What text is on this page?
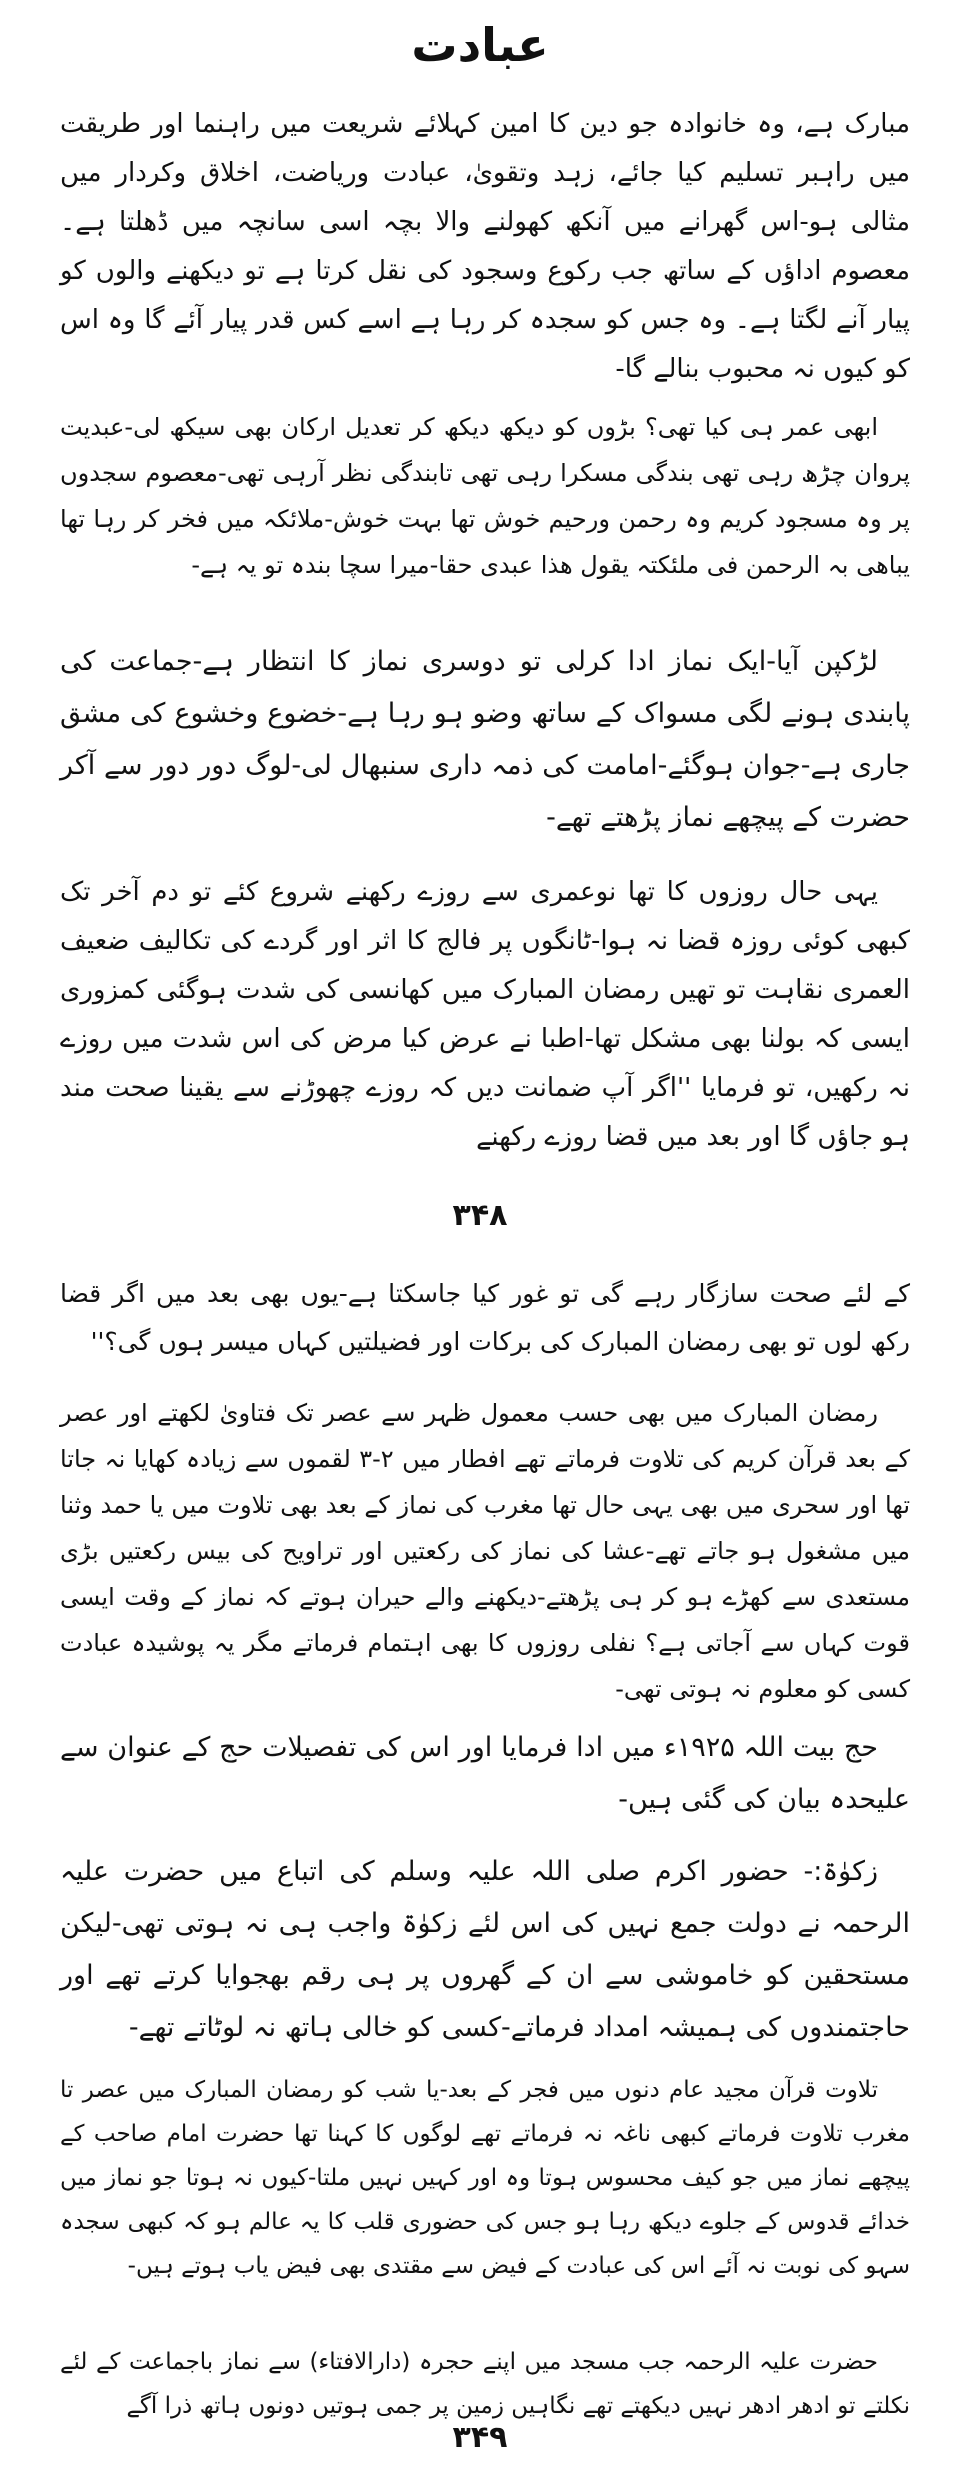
عبادت

مبارک ہے، وہ خانوادہ جو دین کا امین کہلائے شریعت میں راہنما اور طریقت میں راہبر تسلیم کیا جائے، زہد وتقویٰ، عبادت وریاضت، اخلاق وکردار میں مثالی ہو-اس گھرانے میں آنکھ کھولنے والا بچہ اسی سانچہ میں ڈھلتا ہے۔ معصوم اداؤں کے ساتھ جب رکوع وسجود کی نقل کرتا ہے تو دیکھنے والوں کو پیار آنے لگتا ہے۔ وہ جس کو سجدہ کر رہا ہے اسے کس قدر پیار آئے گا وہ اس کو کیوں نہ محبوب بنالے گا-

ابھی عمر ہی کیا تھی؟ بڑوں کو دیکھ دیکھ کر تعدیل ارکان بھی سیکھ لی-عبدیت پروان چڑھ رہی تھی بندگی مسکرا رہی تھی تابندگی نظر آرہی تھی-معصوم سجدوں پر وہ مسجود کریم وہ رحمن ورحیم خوش تھا بہت خوش-ملائکہ میں فخر کر رہا تھا یباھی بہ الرحمن فی ملئکتہ یقول ھذا عبدی حقا-میرا سچا بندہ تو یہ ہے-

لڑکپن آیا-ایک نماز ادا کرلی تو دوسری نماز کا انتظار ہے-جماعت کی پابندی ہونے لگی مسواک کے ساتھ وضو ہو رہا ہے-خضوع وخشوع کی مشق جاری ہے-جوان ہوگئے-امامت کی ذمہ داری سنبھال لی-لوگ دور دور سے آکر حضرت کے پیچھے نماز پڑھتے تھے-

یہی حال روزوں کا تھا نوعمری سے روزے رکھنے شروع کئے تو دم آخر تک کبھی کوئی روزہ قضا نہ ہوا-ٹانگوں پر فالج کا اثر اور گردے کی تکالیف ضعیف العمری نقاہت تو تھیں رمضان المبارک میں کھانسی کی شدت ہوگئی کمزوری ایسی کہ بولنا بھی مشکل تھا-اطبا نے عرض کیا مرض کی اس شدت میں روزے نہ رکھیں، تو فرمایا ''اگر آپ ضمانت دیں کہ روزے چھوڑنے سے یقینا صحت مند ہو جاؤں گا اور بعد میں قضا روزے رکھنے

۳۴۸

کے لئے صحت سازگار رہے گی تو غور کیا جاسکتا ہے-یوں بھی بعد میں اگر قضا رکھ لوں تو بھی رمضان المبارک کی برکات اور فضیلتیں کہاں میسر ہوں گی؟''

رمضان المبارک میں بھی حسب معمول ظہر سے عصر تک فتاویٰ لکھتے اور عصر کے بعد قرآن کریم کی تلاوت فرماتے تھے افطار میں ۲-۳ لقموں سے زیادہ کھایا نہ جاتا تھا اور سحری میں بھی یہی حال تھا مغرب کی نماز کے بعد بھی تلاوت میں یا حمد وثنا میں مشغول ہو جاتے تھے-عشا کی نماز کی رکعتیں اور تراویح کی بیس رکعتیں بڑی مستعدی سے کھڑے ہو کر ہی پڑھتے-دیکھنے والے حیران ہوتے کہ نماز کے وقت ایسی قوت کہاں سے آجاتی ہے؟ نفلی روزوں کا بھی اہتمام فرماتے مگر یہ پوشیدہ عبادت کسی کو معلوم نہ ہوتی تھی-

حج بیت اللہ ۱۹۲۵ء میں ادا فرمایا اور اس کی تفصیلات حج کے عنوان سے علیحدہ بیان کی گئی ہیں-

زکوٰۃ:- حضور اکرم صلی اللہ علیہ وسلم کی اتباع میں حضرت علیہ الرحمہ نے دولت جمع نہیں کی اس لئے زکوٰۃ واجب ہی نہ ہوتی تھی-لیکن مستحقین کو خاموشی سے ان کے گھروں پر ہی رقم بھجوایا کرتے تھے اور حاجتمندوں کی ہمیشہ امداد فرماتے-کسی کو خالی ہاتھ نہ لوٹاتے تھے-

تلاوت قرآن مجید عام دنوں میں فجر کے بعد-یا شب کو رمضان المبارک میں عصر تا مغرب تلاوت فرماتے کبھی ناغہ نہ فرماتے تھے لوگوں کا کہنا تھا حضرت امام صاحب کے پیچھے نماز میں جو کیف محسوس ہوتا وہ اور کہیں نہیں ملتا-کیوں نہ ہوتا جو نماز میں خدائے قدوس کے جلوے دیکھ رہا ہو جس کی حضوری قلب کا یہ عالم ہو کہ کبھی سجدہ سہو کی نوبت نہ آئے اس کی عبادت کے فیض سے مقتدی بھی فیض یاب ہوتے ہیں-

حضرت علیہ الرحمہ جب مسجد میں اپنے حجرہ (دارالافتاء) سے نماز باجماعت کے لئے نکلتے تو ادھر ادھر نہیں دیکھتے تھے نگاہیں زمین پر جمی ہوتیں دونوں ہاتھ ذرا آگے

۳۴۹
